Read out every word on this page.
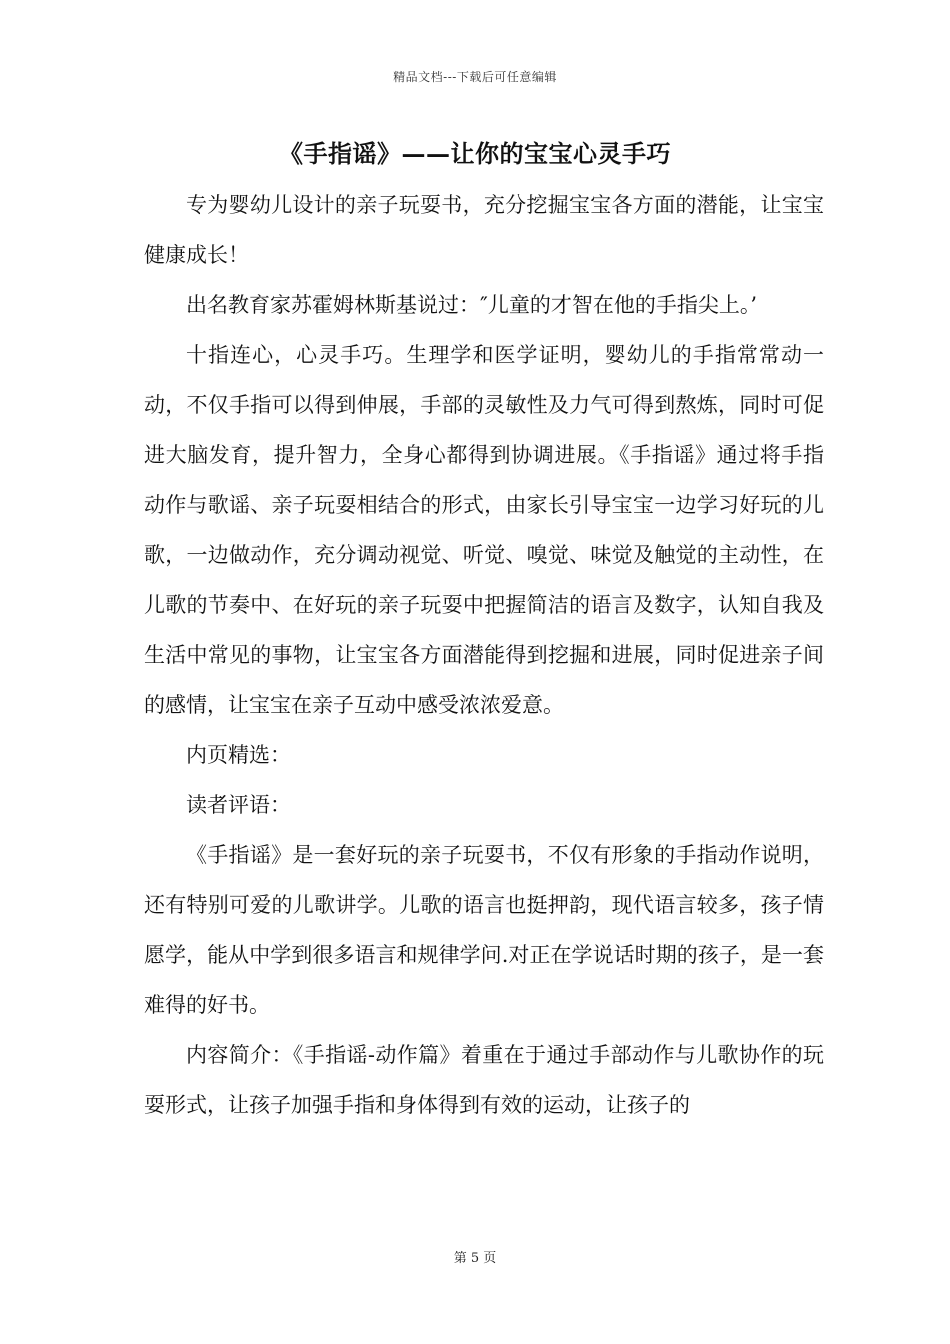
精品文档---下载后可任意编辑
《手指谣》——让你的宝宝心灵手巧

专为婴幼儿设计的亲子玩耍书，充分挖掘宝宝各方面的潜能，让宝宝健康成长！

出名教育家苏霍姆林斯基说过：″儿童的才智在他的手指尖上。’

十指连心，心灵手巧。生理学和医学证明，婴幼儿的手指常常动一动，不仅手指可以得到伸展，手部的灵敏性及力气可得到熬炼，同时可促进大脑发育，提升智力，全身心都得到协调进展。《手指谣》通过将手指动作与歌谣、亲子玩耍相结合的形式，由家长引导宝宝一边学习好玩的儿歌，一边做动作，充分调动视觉、听觉、嗅觉、味觉及触觉的主动性，在儿歌的节奏中、在好玩的亲子玩耍中把握简洁的语言及数字，认知自我及生活中常见的事物，让宝宝各方面潜能得到挖掘和进展，同时促进亲子间的感情，让宝宝在亲子互动中感受浓浓爱意。

内页精选：

读者评语：

《手指谣》是一套好玩的亲子玩耍书，不仅有形象的手指动作说明，还有特别可爱的儿歌讲学。儿歌的语言也挺押韵，现代语言较多，孩子情愿学，能从中学到很多语言和规律学问.对正在学说话时期的孩子，是一套难得的好书。

内容简介：《手指谣-动作篇》着重在于通过手部动作与儿歌协作的玩耍形式，让孩子加强手指和身体得到有效的运动，让孩子的

第 5 页
